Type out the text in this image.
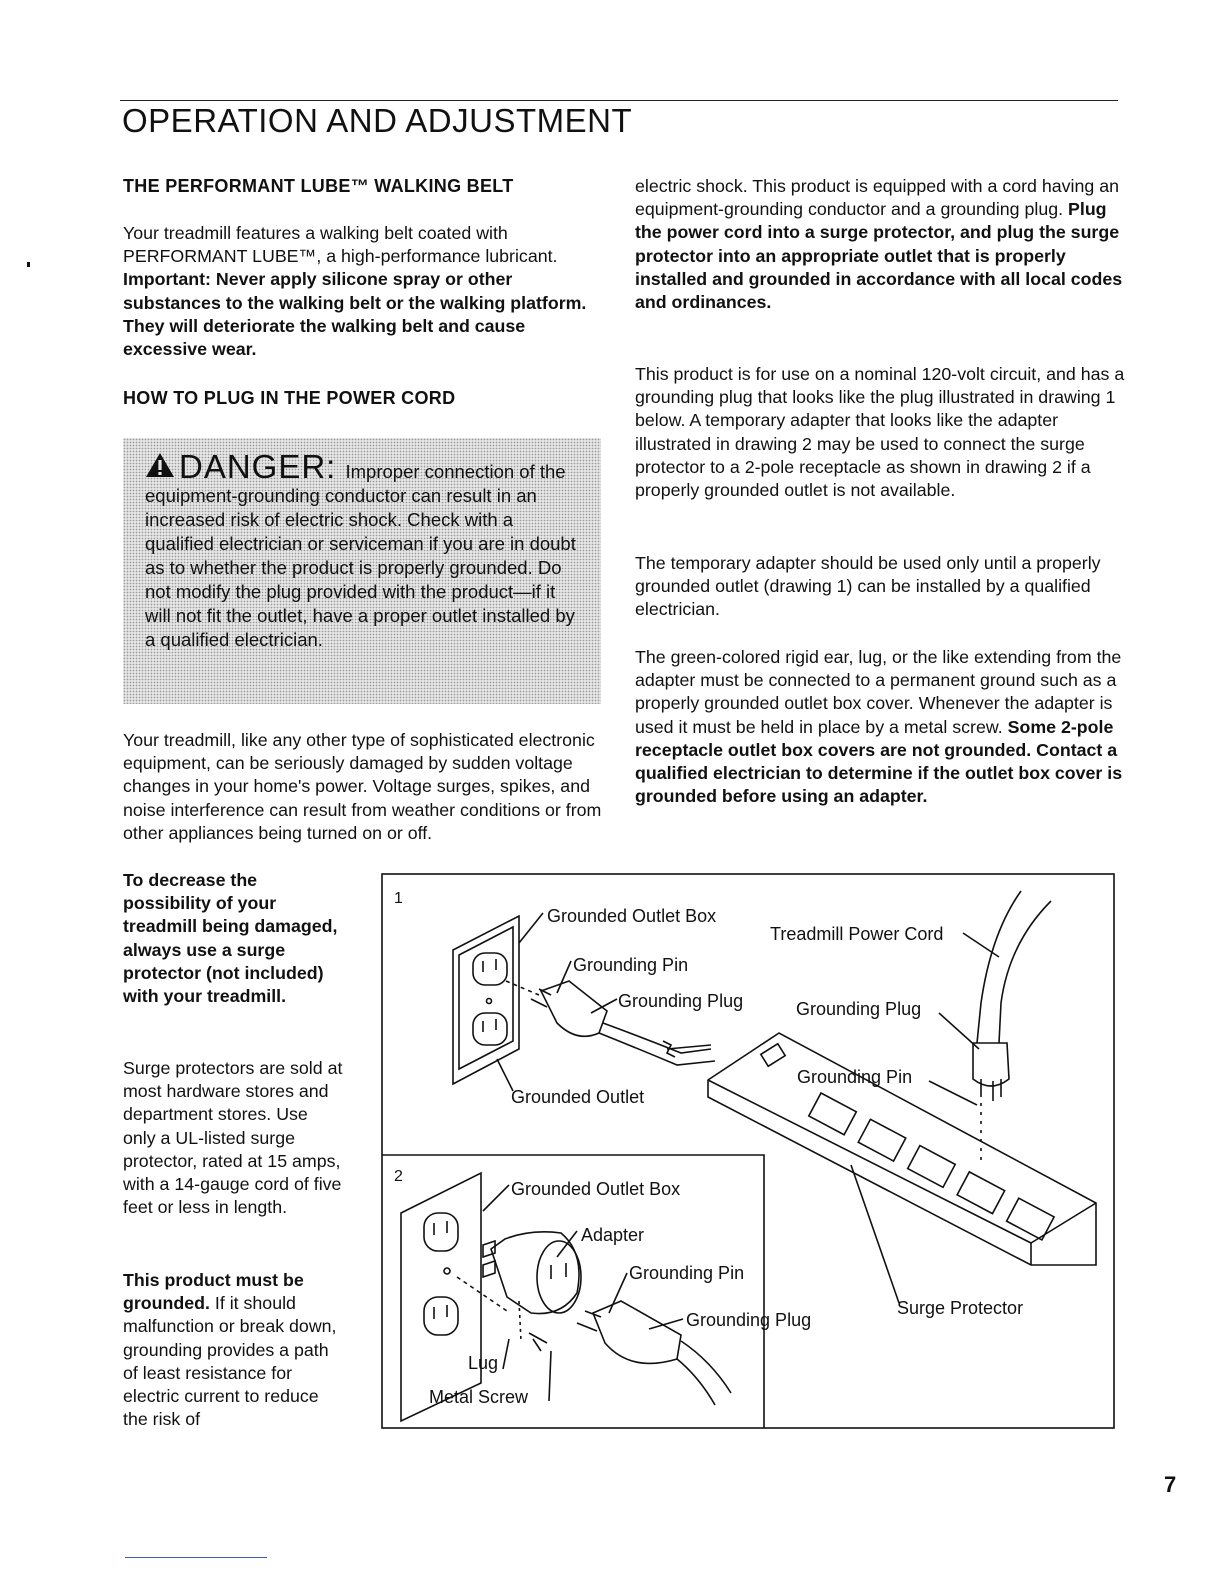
OPERATION AND ADJUSTMENT
THE PERFORMANT LUBE™ WALKING BELT

Your treadmill features a walking belt coated with PERFORMANT LUBE™, a high-performance lubricant. Important: Never apply silicone spray or other substances to the walking belt or the walking platform. They will deteriorate the walking belt and cause excessive wear.

HOW TO PLUG IN THE POWER CORD
DANGER: Improper connection of the equipment-grounding conductor can result in an increased risk of electric shock. Check with a qualified electrician or serviceman if you are in doubt as to whether the product is properly grounded. Do not modify the plug provided with the product—if it will not fit the outlet, have a proper outlet installed by a qualified electrician.

Your treadmill, like any other type of sophisticated electronic equipment, can be seriously damaged by sudden voltage changes in your home's power. Voltage surges, spikes, and noise interference can result from weather conditions or from other appliances being turned on or off.

To decrease the possibility of your treadmill being damaged, always use a surge protector (not included) with your treadmill.

Surge protectors are sold at most hardware stores and department stores. Use only a UL-listed surge protector, rated at 15 amps, with a 14-gauge cord of five feet or less in length.

This product must be grounded. If it should malfunction or break down, grounding provides a path of least resistance for electric current to reduce the risk of

electric shock. This product is equipped with a cord having an equipment-grounding conductor and a grounding plug. Plug the power cord into a surge protector, and plug the surge protector into an appropriate outlet that is properly installed and grounded in accordance with all local codes and ordinances.

This product is for use on a nominal 120-volt circuit, and has a grounding plug that looks like the plug illustrated in drawing 1 below. A temporary adapter that looks like the adapter illustrated in drawing 2 may be used to connect the surge protector to a 2-pole receptacle as shown in drawing 2 if a properly grounded outlet is not available.

The temporary adapter should be used only until a properly grounded outlet (drawing 1) can be installed by a qualified electrician.

The green-colored rigid ear, lug, or the like extending from the adapter must be connected to a permanent ground such as a properly grounded outlet box cover. Whenever the adapter is used it must be held in place by a metal screw. Some 2-pole receptacle outlet box covers are not grounded. Contact a qualified electrician to determine if the outlet box cover is grounded before using an adapter.

1
2
Grounded Outlet Box
Grounding Pin
Grounding Plug
Grounded Outlet
Treadmill Power Cord
Grounding Plug
Grounding Pin
Grounded Outlet Box
Adapter
Grounding Pin
Grounding Plug
Lug
Metal Screw
Surge Protector
7
